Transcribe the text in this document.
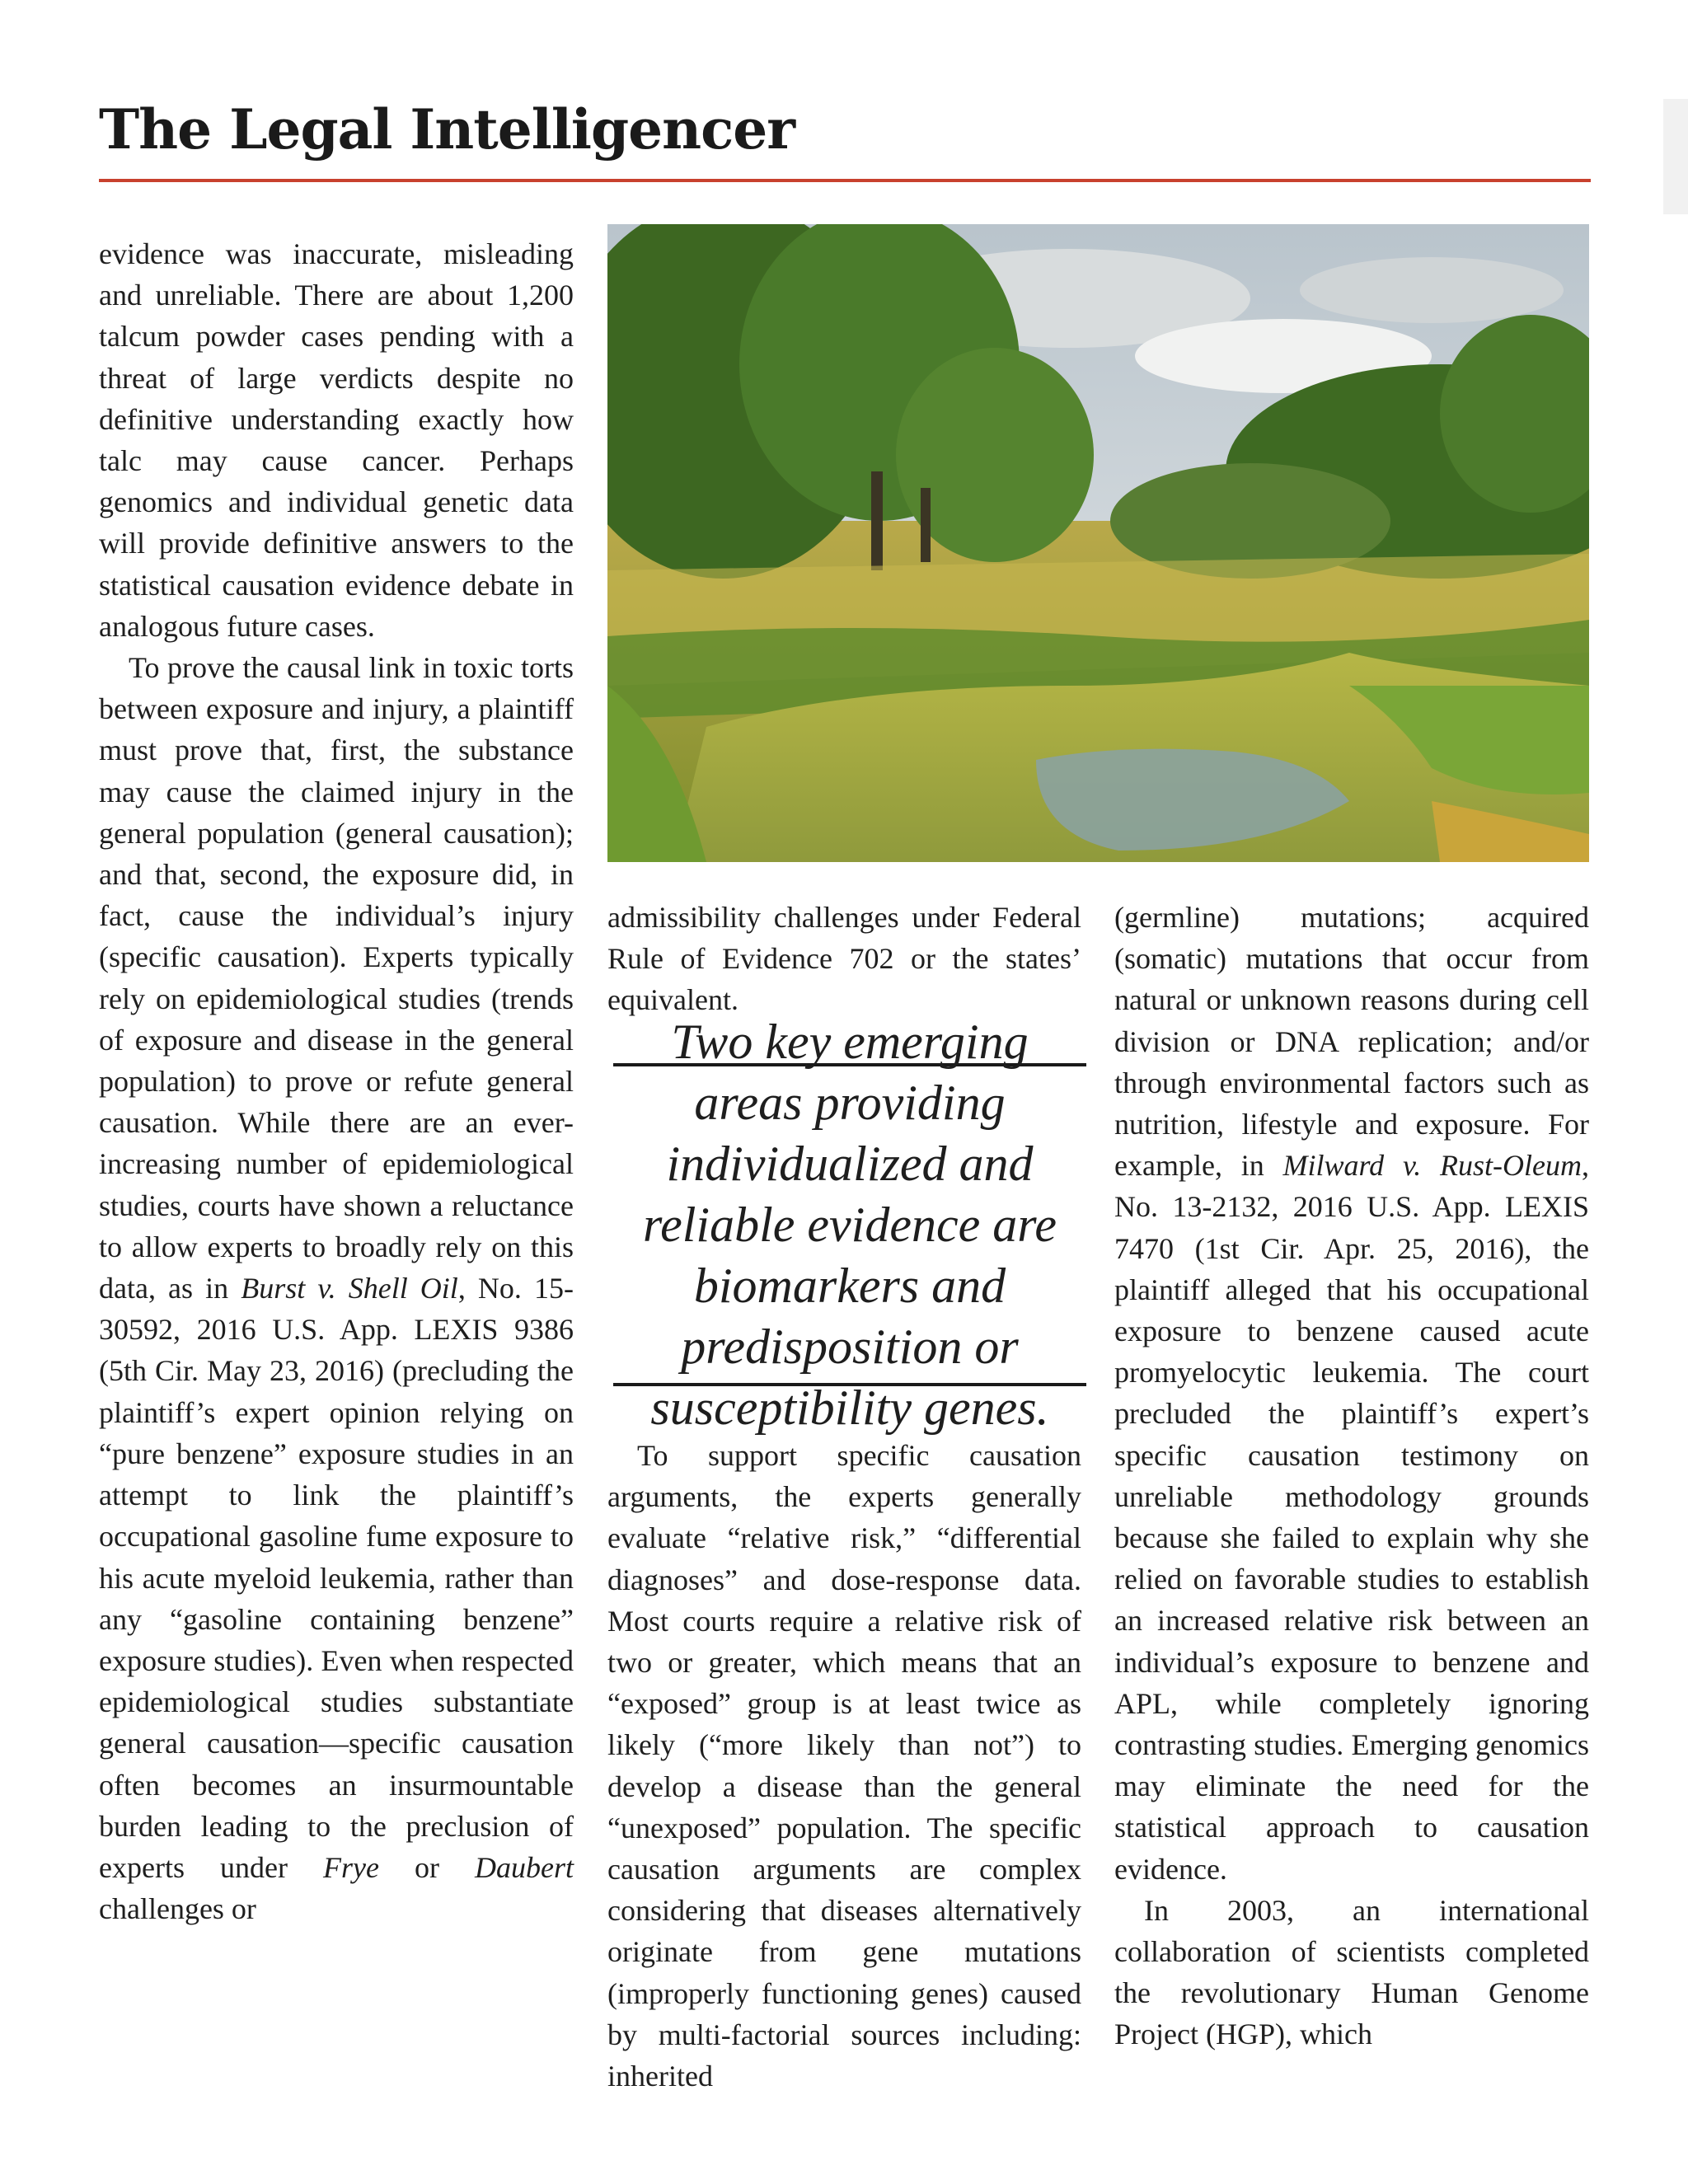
The Legal Intelligencer

evidence was inaccurate, misleading and unreliable. There are about 1,200 talcum powder cases pending with a threat of large verdicts despite no definitive understanding exactly how talc may cause cancer. Perhaps genomics and individual genetic data will provide definitive answers to the statistical causation evidence debate in analogous future cases.

To prove the causal link in toxic torts between exposure and injury, a plaintiff must prove that, first, the substance may cause the claimed injury in the general population (general causation); and that, second, the exposure did, in fact, cause the individual’s injury (specific causation). Experts typically rely on epidemiological studies (trends of exposure and disease in the general population) to prove or refute general causation. While there are an ever-increasing number of epidemiological studies, courts have shown a reluctance to allow experts to broadly rely on this data, as in Burst v. Shell Oil, No. 15-30592, 2016 U.S. App. LEXIS 9386 (5th Cir. May 23, 2016) (precluding the plaintiff’s expert opinion relying on “pure benzene” exposure studies in an attempt to link the plaintiff’s occupational gasoline fume exposure to his acute myeloid leukemia, rather than any “gasoline containing benzene” exposure studies). Even when respected epidemiological studies substantiate general causation—specific causation often becomes an insurmountable burden leading to the preclusion of experts under Frye or Daubert challenges or

admissibility challenges under Federal Rule of Evidence 702 or the states’ equivalent.

Two key emerging areas providing individualized and reliable evidence are biomarkers and predisposition or susceptibility genes.

To support specific causation arguments, the experts generally evaluate “relative risk,” “differential diagnoses” and dose-response data. Most courts require a relative risk of two or greater, which means that an “exposed” group is at least twice as likely (“more likely than not”) to develop a disease than the general “unexposed” population. The specific causation arguments are complex considering that diseases alternatively originate from gene mutations (improperly functioning genes) caused by multi-factorial sources including: inherited

(germline) mutations; acquired (somatic) mutations that occur from natural or unknown reasons during cell division or DNA replication; and/or through environmental factors such as nutrition, lifestyle and exposure. For example, in Milward v. Rust-Oleum, No. 13-2132, 2016 U.S. App. LEXIS 7470 (1st Cir. Apr. 25, 2016), the plaintiff alleged that his occupational exposure to benzene caused acute promyelocytic leukemia. The court precluded the plaintiff’s expert’s specific causation testimony on unreliable methodology grounds because she failed to explain why she relied on favorable studies to establish an increased relative risk between an individual’s exposure to benzene and APL, while completely ignoring contrasting studies. Emerging genomics may eliminate the need for the statistical approach to causation evidence.

In 2003, an international collaboration of scientists completed the revolutionary Human Genome Project (HGP), which
